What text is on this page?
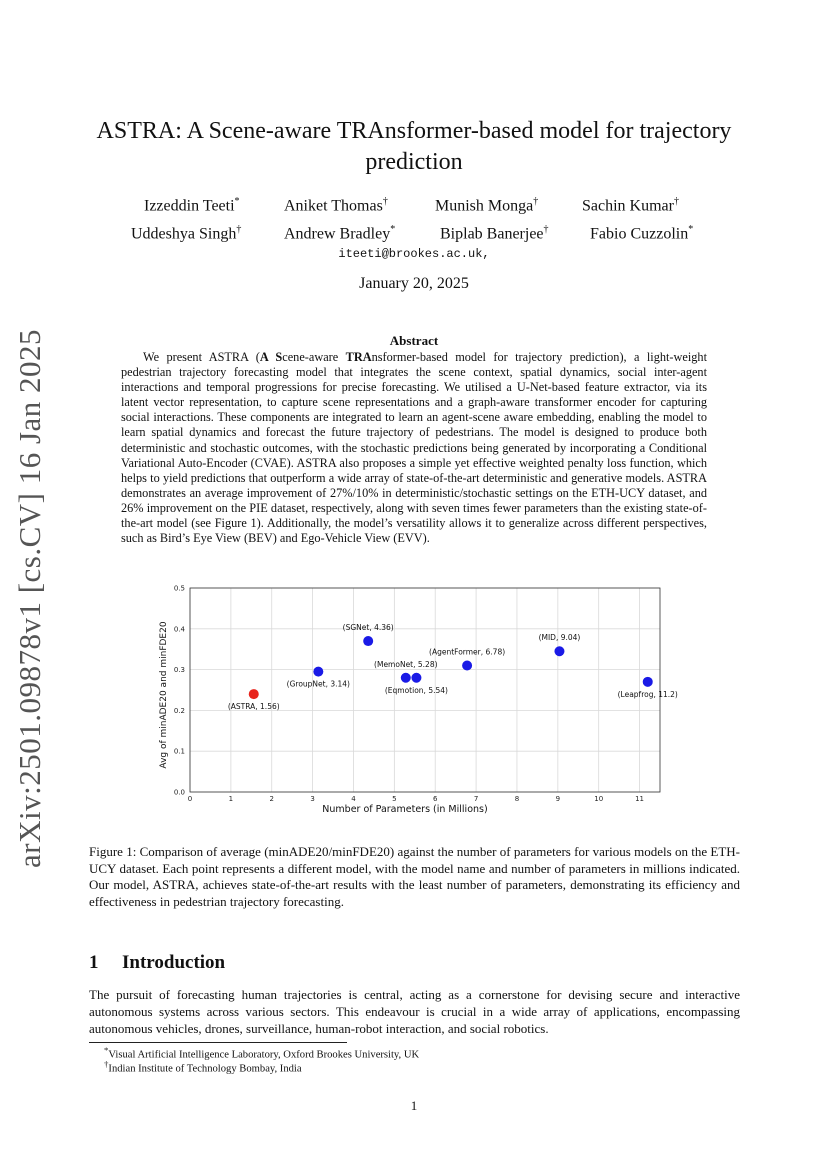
arXiv:2501.09878v1 [cs.CV] 16 Jan 2025
ASTRA: A Scene-aware TRAnsformer-based model for trajectory
prediction
Izzeddin Teeti*	Aniket Thomas†	Munish Monga†	Sachin Kumar†
Uddeshya Singh†	Andrew Bradley*	Biplab Banerjee†	Fabio Cuzzolin*
iteeti@brookes.ac.uk,
January 20, 2025
Abstract

We present ASTRA (A Scene-aware TRAnsformer-based model for trajectory prediction), a light-weight pedestrian trajectory forecasting model that integrates the scene context, spatial dynamics, social inter-agent interactions and temporal progressions for precise forecasting. We utilised a U-Net-based feature extractor, via its latent vector representation, to capture scene representations and a graph-aware transformer encoder for capturing social interactions. These components are integrated to learn an agent-scene aware embedding, enabling the model to learn spatial dynamics and forecast the future trajectory of pedestrians. The model is designed to produce both deterministic and stochastic outcomes, with the stochastic predictions being generated by incorporating a Conditional Variational Auto-Encoder (CVAE). ASTRA also proposes a simple yet effective weighted penalty loss function, which helps to yield predictions that outperform a wide array of state-of-the-art deterministic and generative models. ASTRA demonstrates an average improvement of 27%/10% in deterministic/stochastic settings on the ETH-UCY dataset, and 26% improvement on the PIE dataset, respectively, along with seven times fewer parameters than the existing state-of-the-art model (see Figure 1). Additionally, the model’s versatility allows it to generalize across different perspectives, such as Bird’s Eye View (BEV) and Ego-Vehicle View (EVV).

0	1	2	3	4	5	6	7	8	9	10	11
0.0
0.1
0.2
0.3
0.4
0.5
Number of Parameters (in Millions)
Avg of minADE20 and minFDE20	(ASTRA, 1.56)
(GroupNet, 3.14)
(SGNet, 4.36)
(MemoNet, 5.28)
(Eqmotion, 5.54)
(AgentFormer, 6.78)
(MID, 9.04)
(Leapfrog, 11.2)
Figure 1: Comparison of average (minADE20/minFDE20) against the number of parameters for various models on the ETH-UCY dataset. Each point represents a different model, with the model name and number of parameters in millions indicated. Our model, ASTRA, achieves state-of-the-art results with the least number of parameters, demonstrating its efficiency and effectiveness in pedestrian trajectory forecasting.
1 Introduction
The pursuit of forecasting human trajectories is central, acting as a cornerstone for devising secure and interactive autonomous systems across various sectors. This endeavour is crucial in a wide array of applications, encompassing autonomous vehicles, drones, surveillance, human-robot interaction, and social robotics.
*Visual Artificial Intelligence Laboratory, Oxford Brookes University, UK
†Indian Institute of Technology Bombay, India
1
